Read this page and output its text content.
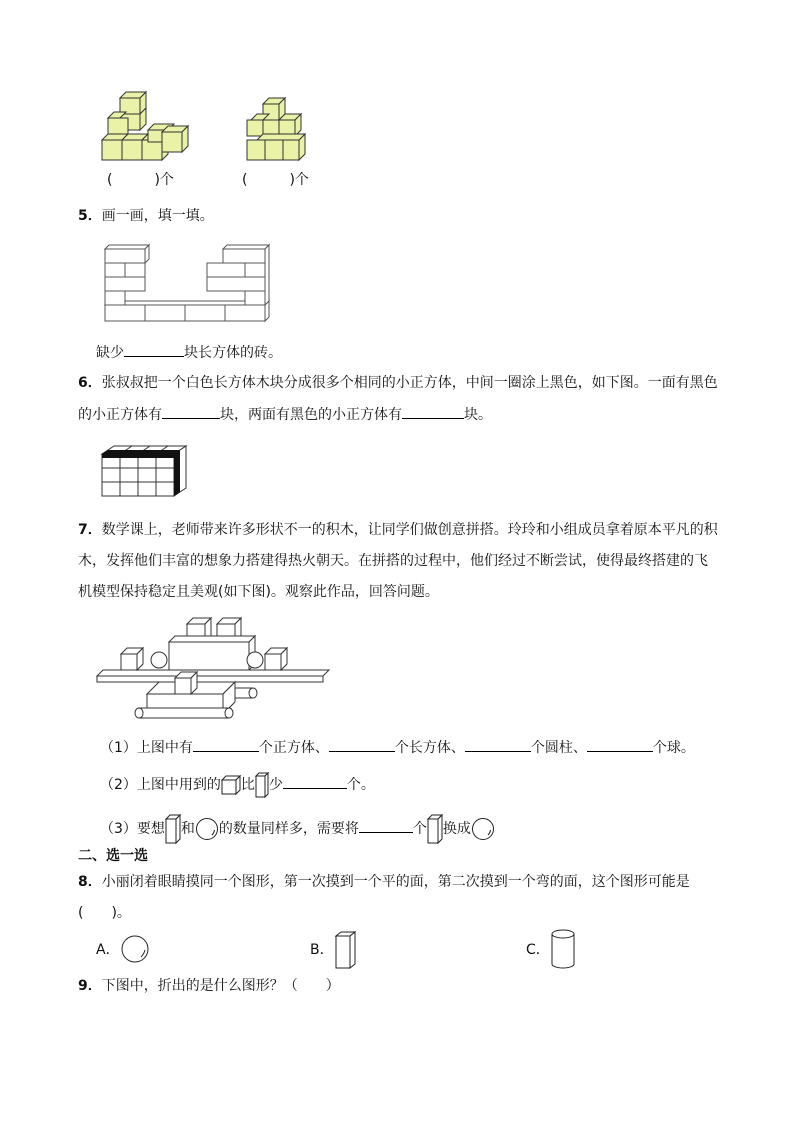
(　　　)个	(　　　)个
5．画一画，填一填。
缺少	块长方体的砖。
6．张叔叔把一个白色长方体木块分成很多个相同的小正方体，中间一圈涂上黑色，如下图。一面有黑色
的小正方体有	块，两面有黑色的小正方体有	块。
7．数学课上，老师带来许多形状不一的积木，让同学们做创意拼搭。玲玲和小组成员拿着原本平凡的积
木，发挥他们丰富的想象力搭建得热火朝天。在拼搭的过程中，他们经过不断尝试，使得最终搭建的飞
机模型保持稳定且美观(如下图)。观察此作品，回答问题。
（1）上图中有	个正方体、	个长方体、	个圆柱、	个球。
（2）上图中用到的 比 少	个。
（3）要想 和 的数量同样多，需要将	个 换成
二、选一选
8．小丽闭着眼睛摸同一个图形，第一次摸到一个平的面，第二次摸到一个弯的面，这个图形可能是
(　　)。
A．	B．	C．
9．下图中，折出的是什么图形？（　　）
